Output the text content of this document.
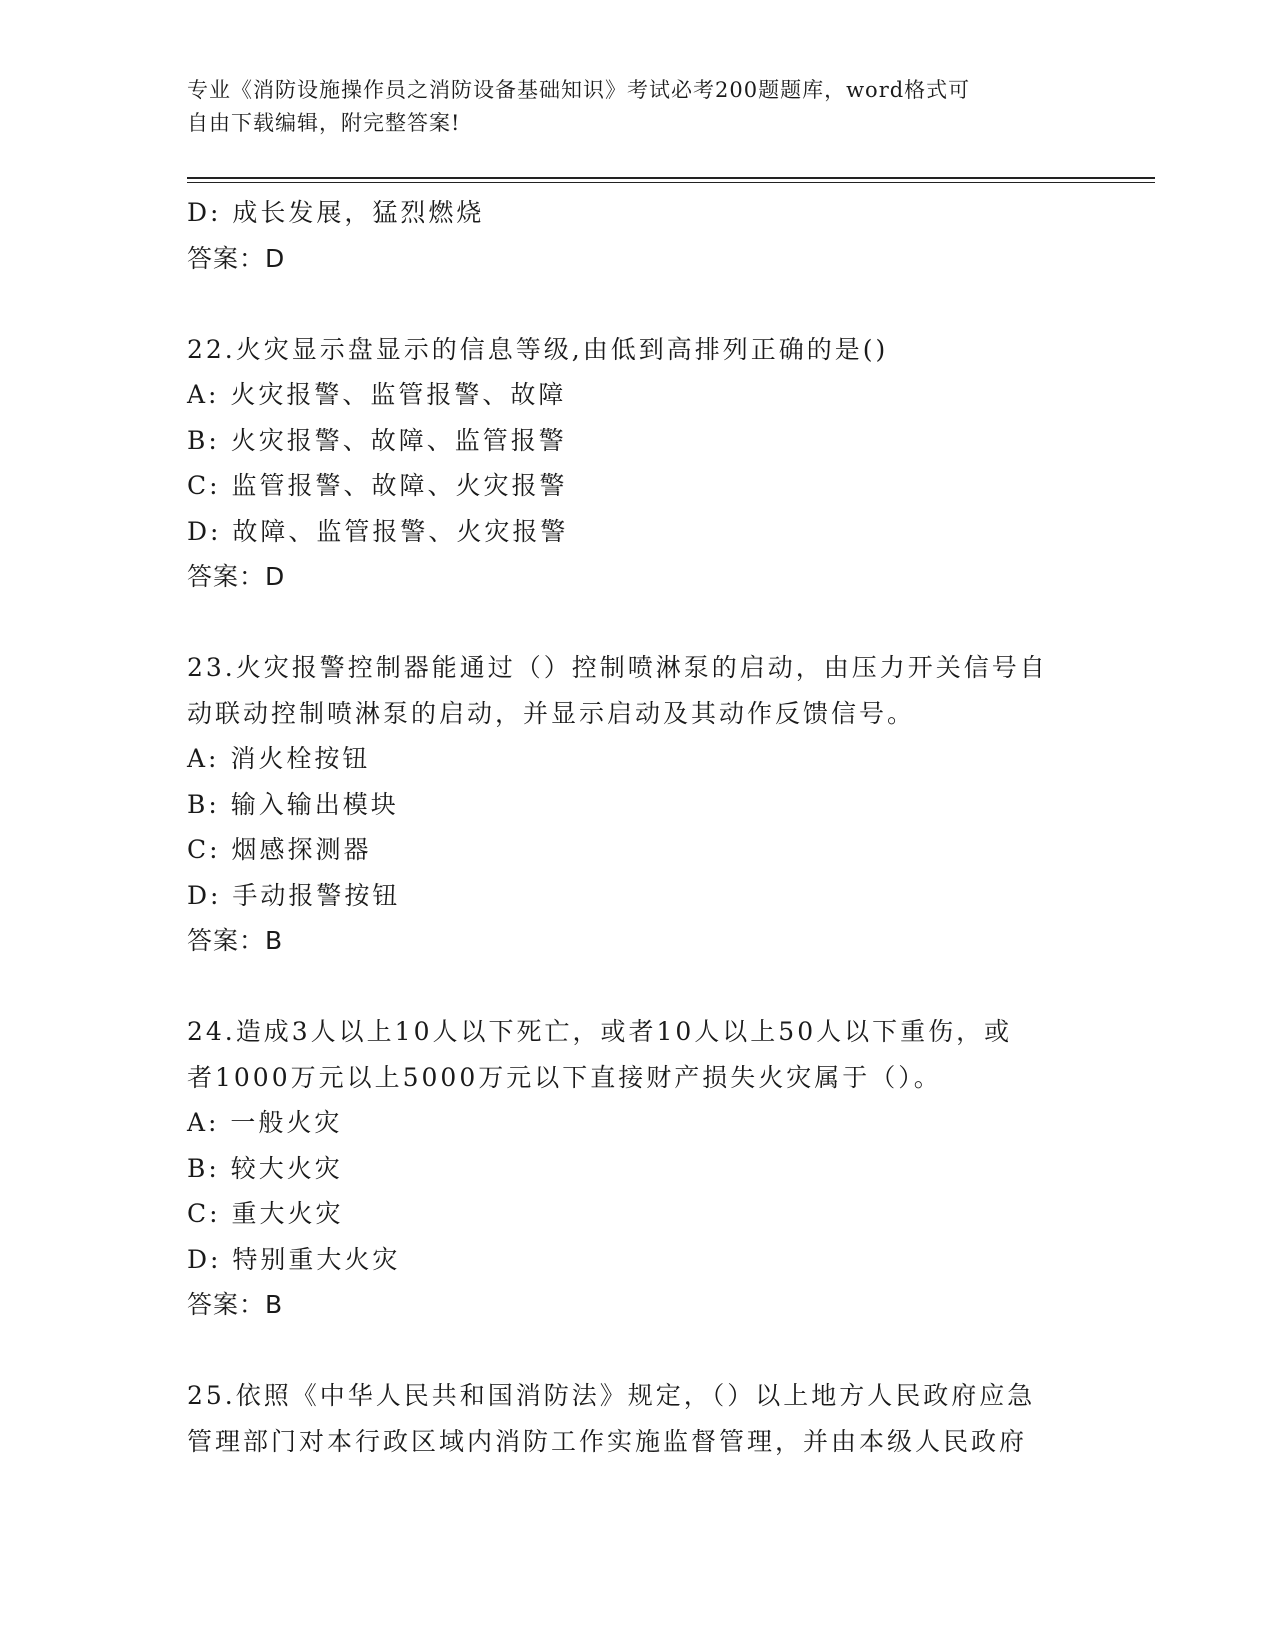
专业《消防设施操作员之消防设备基础知识》考试必考200题题库，word格式可
自由下载编辑，附完整答案!
D: 成长发展，猛烈燃烧
答案：D
22.火灾显示盘显示的信息等级,由低到高排列正确的是()
A: 火灾报警、监管报警、故障
B: 火灾报警、故障、监管报警
C: 监管报警、故障、火灾报警
D: 故障、监管报警、火灾报警
答案：D
23.火灾报警控制器能通过（）控制喷淋泵的启动，由压力开关信号自
动联动控制喷淋泵的启动，并显示启动及其动作反馈信号。
A: 消火栓按钮
B: 输入输出模块
C: 烟感探测器
D: 手动报警按钮
答案：B
24.造成3人以上10人以下死亡，或者10人以上50人以下重伤，或
者1000万元以上5000万元以下直接财产损失火灾属于（）。
A: 一般火灾
B: 较大火灾
C: 重大火灾
D: 特别重大火灾
答案：B
25.依照《中华人民共和国消防法》规定，（）以上地方人民政府应急
管理部门对本行政区域内消防工作实施监督管理，并由本级人民政府
